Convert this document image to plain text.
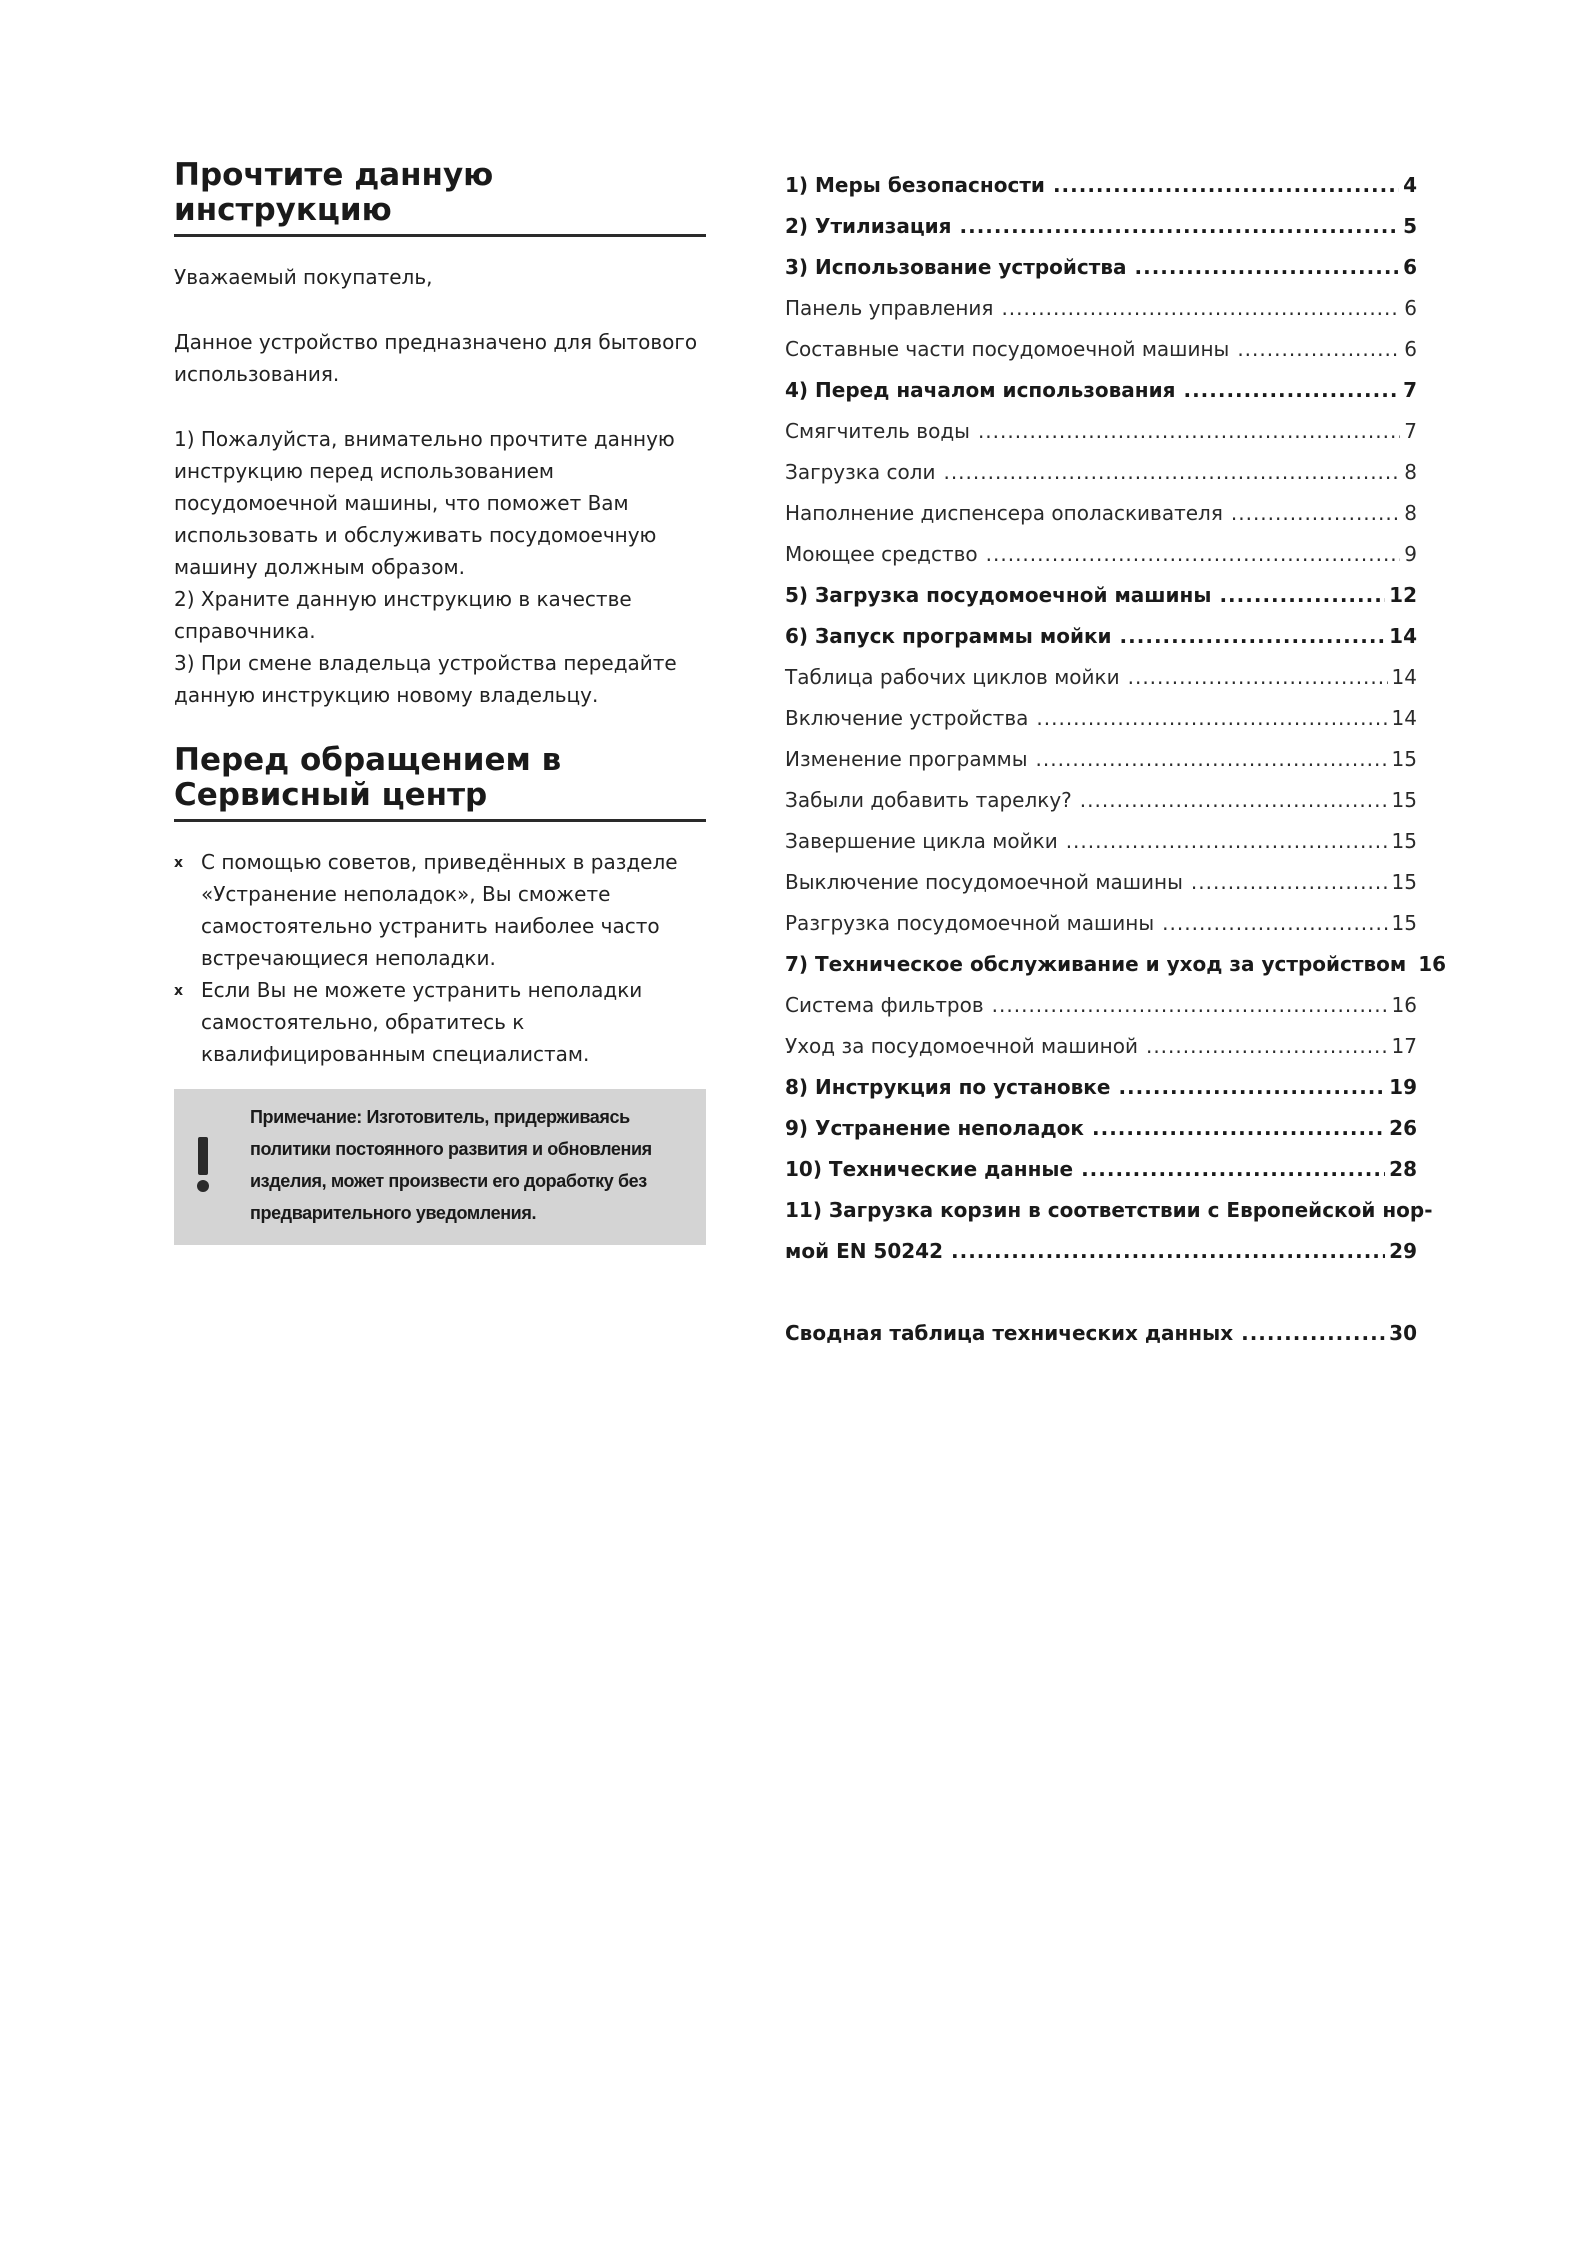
Прочтите данную инструкцию

Уважаемый покупатель,

Данное устройство предназначено для бытового использования.

1) Пожалуйста, внимательно прочтите данную инструкцию перед использованием посудомоечной машины, что поможет Вам использовать и обслуживать посудомоечную машину должным образом.
2) Храните данную инструкцию в качестве справочника.
3) При смене владельца устройства передайте данную инструкцию новому владельцу.
Перед обращением в Сервисный центр
x С помощью советов, приведённых в разделе «Устранение неполадок», Вы сможете самостоятельно устранить наиболее часто встречающиеся неполадки.
x Если Вы не можете устранить неполадки самостоятельно, обратитесь к квалифицированным специалистам.
Примечание: Изготовитель, придерживаясь политики постоянного развития и обновления изделия, может произвести его доработку без предварительного уведомления.
1) Меры безопасности .....	4
2) Утилизация .....	5
3) Использование устройства .....	6
Панель управления .....	6
Составные части посудомоечной машины .....	6
4) Перед началом использования .....	7
Смягчитель воды .....	7
Загрузка соли .....	8
Наполнение диспенсера ополаскивателя .....	8
Моющее средство .....	9
5) Загрузка посудомоечной машины .....	12
6) Запуск программы мойки .....	14
Таблица рабочих циклов мойки .....	14
Включение устройства .....	14
Изменение программы .....	15
Забыли добавить тарелку? .....	15
Завершение цикла мойки .....	15
Выключение посудомоечной машины .....	15
Разгрузка посудомоечной машины .....	15
7) Техническое обслуживание и уход за устройством 16
Система фильтров .....	16
Уход за посудомоечной машиной .....	17
8) Инструкция по установке .....	19
9) Устранение неполадок .....	26
10) Технические данные .....	28
11) Загрузка корзин в соответствии с Европейской нор-
мой EN 50242 .....	29
Сводная таблица технических данных .....	30
